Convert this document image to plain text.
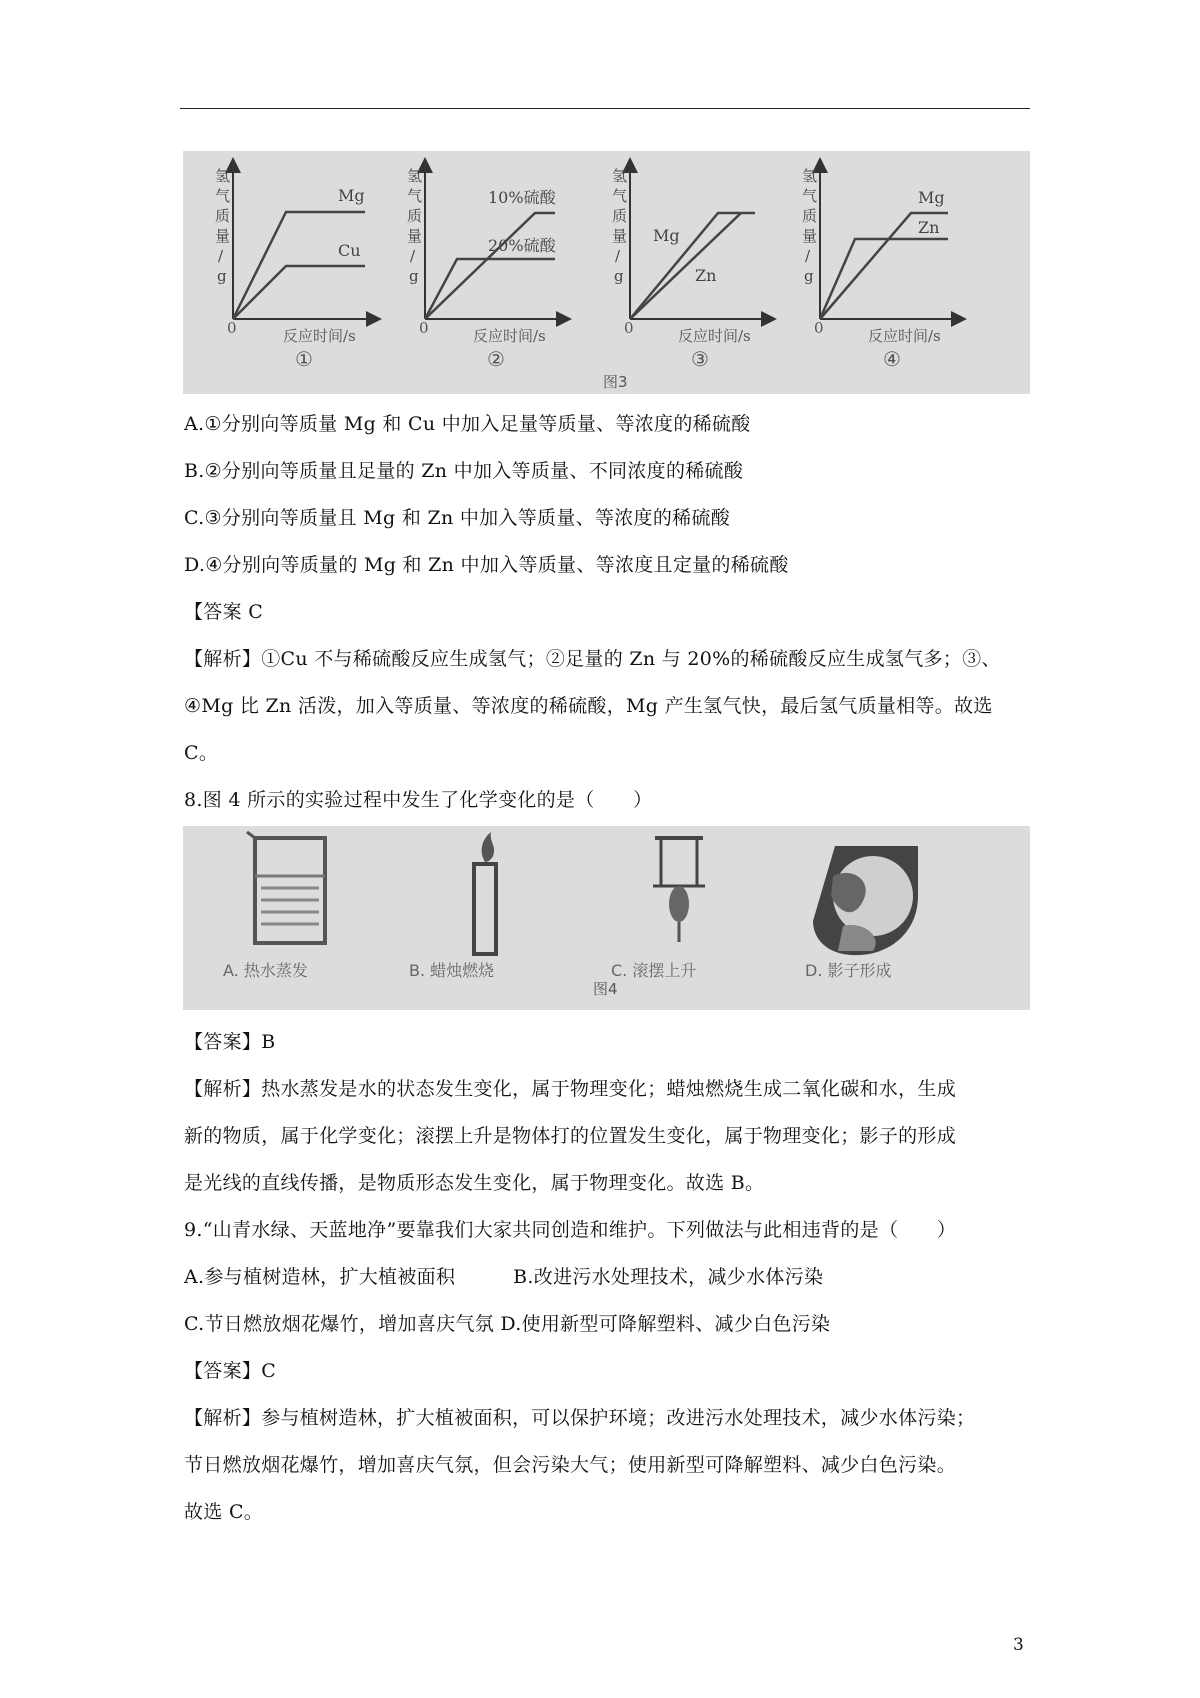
氢
气
质
量
/
g
Mg
Cu
0	反应时间/s
①
氢
气
质
量
/
g
10%硫酸
20%硫酸
0	反应时间/s
②
氢
气
质
量
/
g
Mg
Zn
0	反应时间/s
③
氢
气
质
量
/
g
Mg
Zn
0	反应时间/s
④
图3
A.①分别向等质量 Mg 和 Cu 中加入足量等质量、等浓度的稀硫酸
B.②分别向等质量且足量的 Zn 中加入等质量、不同浓度的稀硫酸
C.③分别向等质量且 Mg 和 Zn 中加入等质量、等浓度的稀硫酸
D.④分别向等质量的 Mg 和 Zn 中加入等质量、等浓度且定量的稀硫酸
【答案 C
【解析】①Cu 不与稀硫酸反应生成氢气；②足量的 Zn 与 20%的稀硫酸反应生成氢气多；③、
④Mg 比 Zn 活泼，加入等质量、等浓度的稀硫酸，Mg 产生氢气快，最后氢气质量相等。故选
C。
8.图 4 所示的实验过程中发生了化学变化的是（　　）
A. 热水蒸发	B. 蜡烛燃烧	C. 滚摆上升	D. 影子形成
图4
【答案】B
【解析】热水蒸发是水的状态发生变化，属于物理变化；蜡烛燃烧生成二氧化碳和水，生成
新的物质，属于化学变化；滚摆上升是物体打的位置发生变化，属于物理变化；影子的形成
是光线的直线传播，是物质形态发生变化，属于物理变化。故选 B。
9.“山青水绿、天蓝地净”要靠我们大家共同创造和维护。下列做法与此相违背的是（　　）
A.参与植树造林，扩大植被面积　　　B.改进污水处理技术，减少水体污染
C.节日燃放烟花爆竹，增加喜庆气氛 D.使用新型可降解塑料、减少白色污染
【答案】C
【解析】参与植树造林，扩大植被面积，可以保护环境；改进污水处理技术，减少水体污染；
节日燃放烟花爆竹，增加喜庆气氛，但会污染大气；使用新型可降解塑料、减少白色污染。
故选 C。
3
